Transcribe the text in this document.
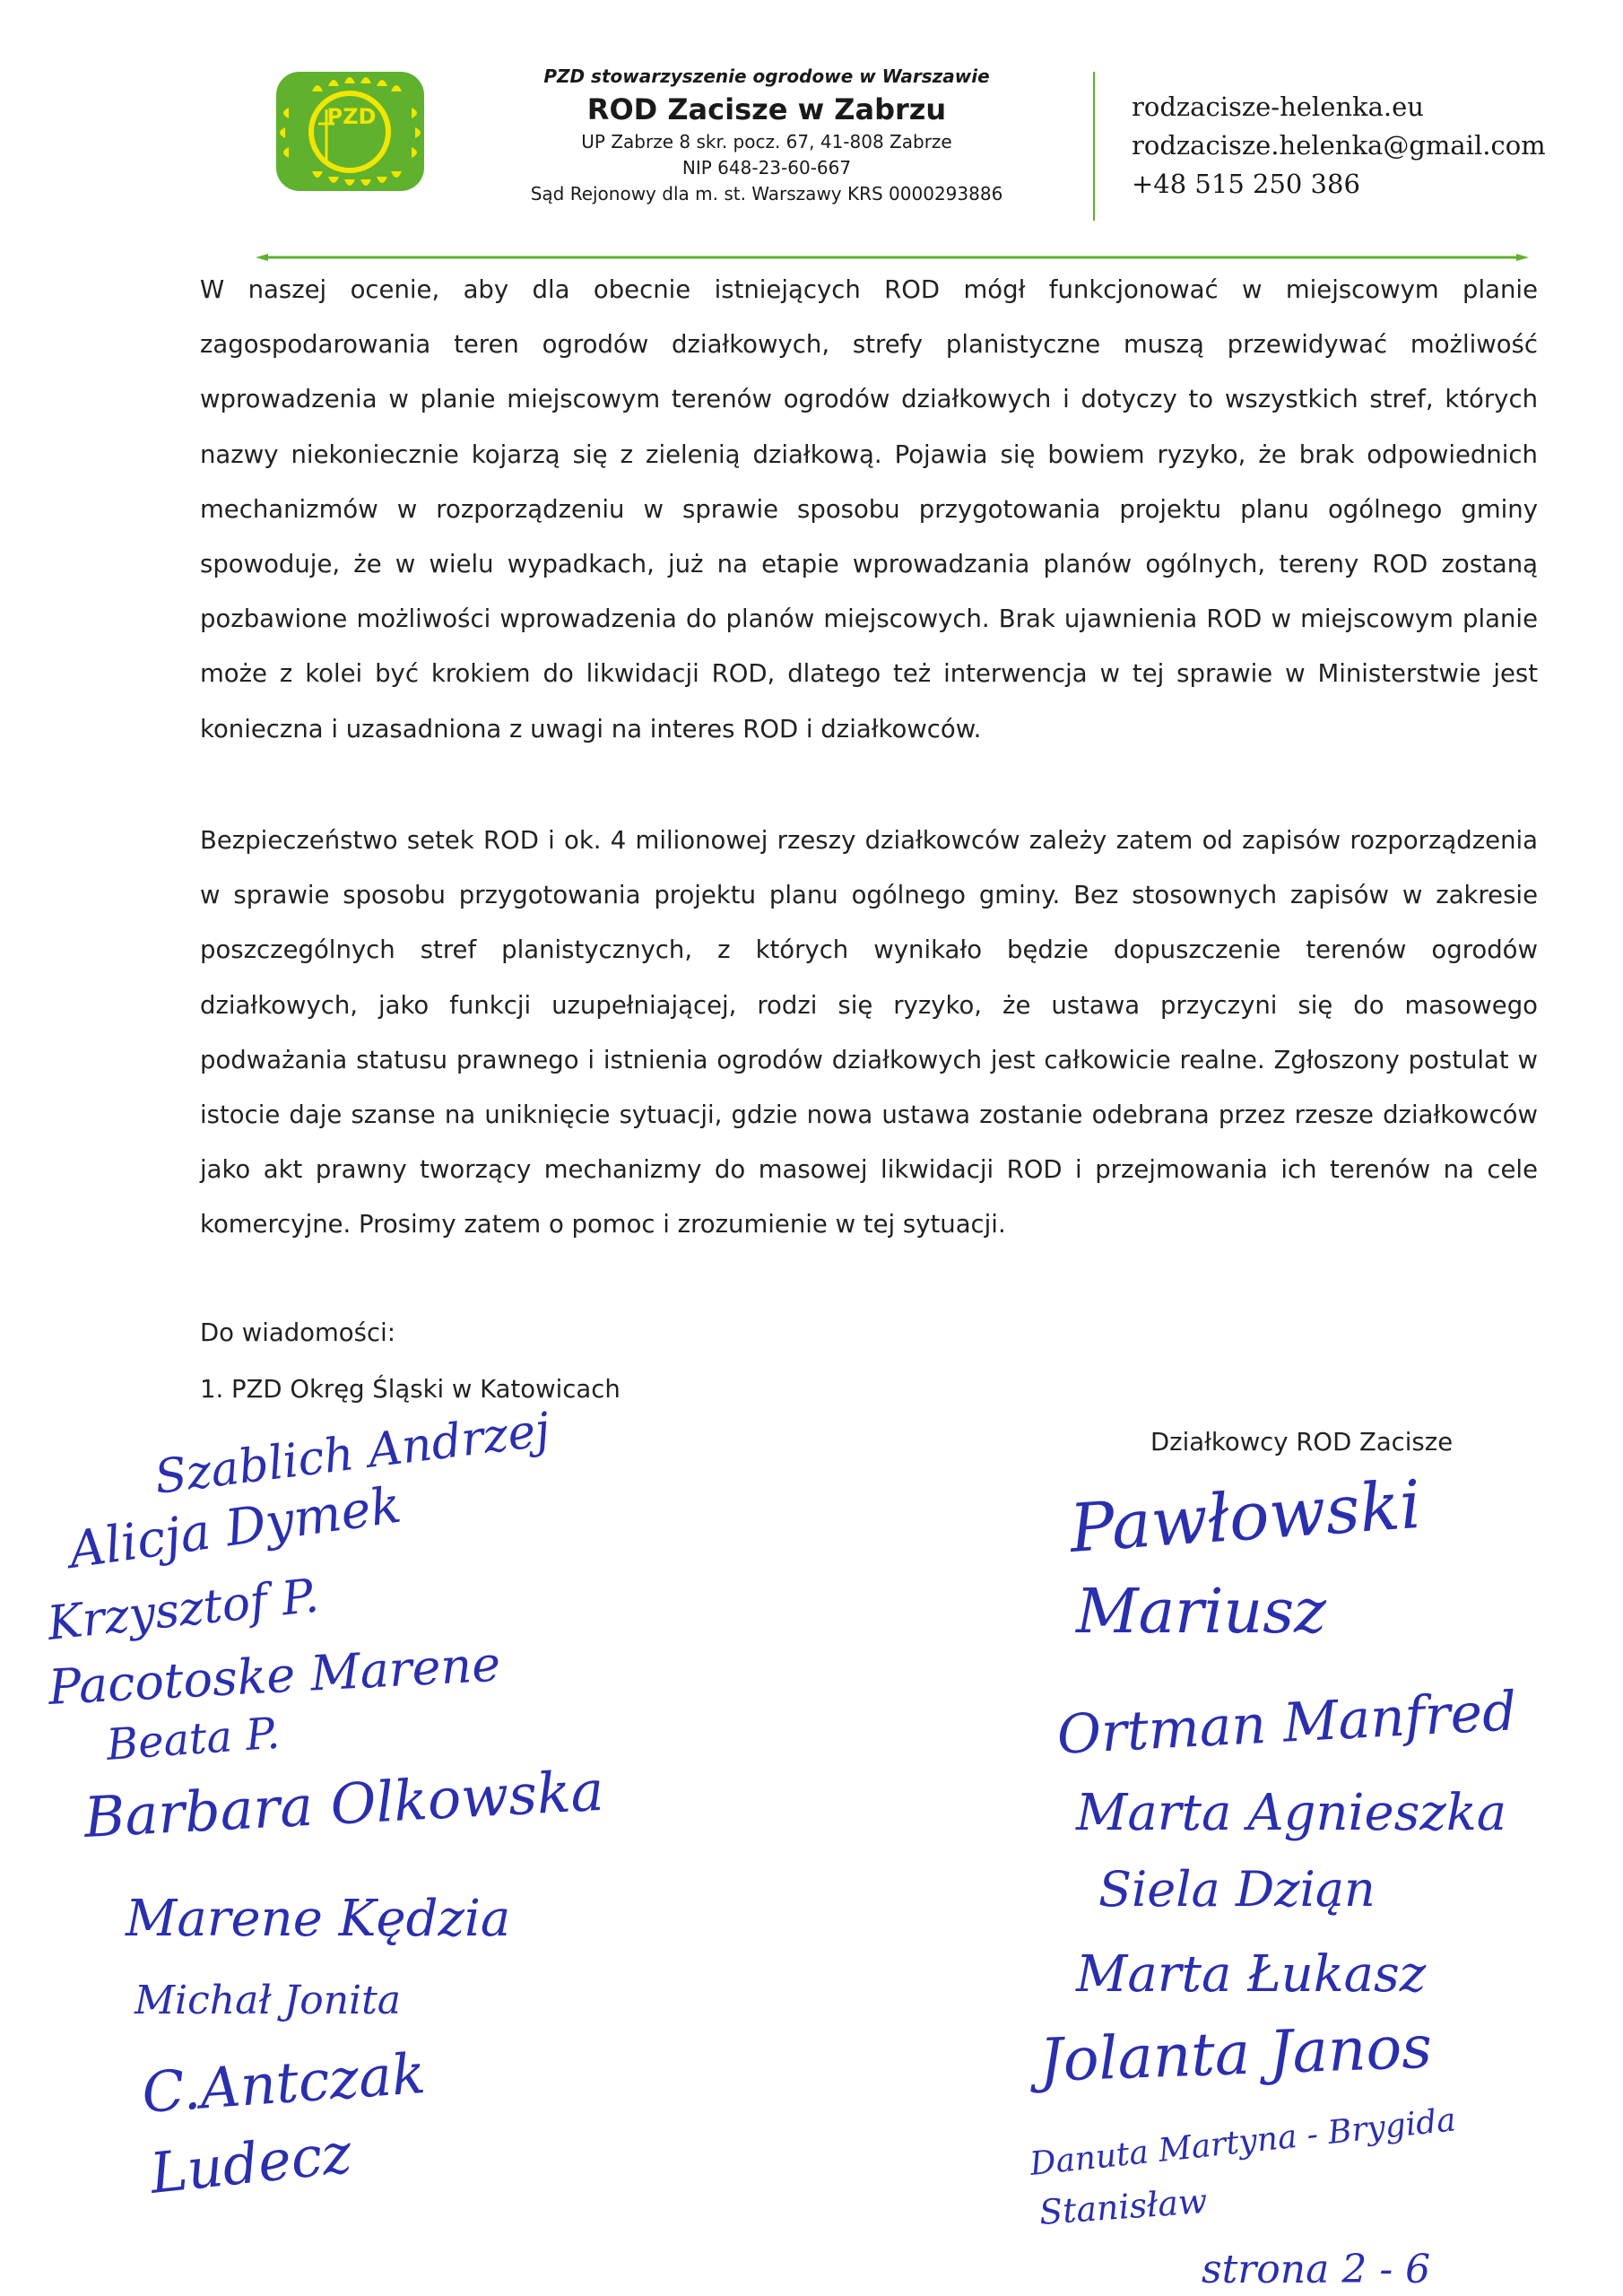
PZD
PZD stowarzyszenie ogrodowe w Warszawie
ROD Zacisze w Zabrzu
UP Zabrze 8 skr. pocz. 67, 41-808 Zabrze
NIP 648-23-60-667
Sąd Rejonowy dla m. st. Warszawy KRS 0000293886
rodzacisze-helenka.eu
rodzacisze.helenka@gmail.com
+48 515 250 386

W naszej ocenie, aby dla obecnie istniejących ROD mógł funkcjonować w miejscowym planie zagospodarowania teren ogrodów działkowych, strefy planistyczne muszą przewidywać możliwość wprowadzenia w planie miejscowym terenów ogrodów działkowych i dotyczy to wszystkich stref, których nazwy niekoniecznie kojarzą się z zielenią działkową. Pojawia się bowiem ryzyko, że brak odpowiednich mechanizmów w rozporządzeniu w sprawie sposobu przygotowania projektu planu ogólnego gminy spowoduje, że w wielu wypadkach, już na etapie wprowadzania planów ogólnych, tereny ROD zostaną pozbawione możliwości wprowadzenia do planów miejscowych. Brak ujawnienia ROD w miejscowym planie może z kolei być krokiem do likwidacji ROD, dlatego też interwencja w tej sprawie w Ministerstwie jest konieczna i uzasadniona z uwagi na interes ROD i działkowców.

Bezpieczeństwo setek ROD i ok. 4 milionowej rzeszy działkowców zależy zatem od zapisów rozporządzenia w sprawie sposobu przygotowania projektu planu ogólnego gminy. Bez stosownych zapisów w zakresie poszczególnych stref planistycznych, z których wynikało będzie dopuszczenie terenów ogrodów działkowych, jako funkcji uzupełniającej, rodzi się ryzyko, że ustawa przyczyni się do masowego podważania statusu prawnego i istnienia ogrodów działkowych jest całkowicie realne. Zgłoszony postulat w istocie daje szanse na uniknięcie sytuacji, gdzie nowa ustawa zostanie odebrana przez rzesze działkowców jako akt prawny tworzący mechanizmy do masowej likwidacji ROD i przejmowania ich terenów na cele komercyjne. Prosimy zatem o pomoc i zrozumienie w tej sytuacji.

Do wiadomości:
1. PZD Okręg Śląski w Katowicach
Działkowcy ROD Zacisze
Szablich Andrzej
Alicja Dymek
Krzysztof P.
Pacotoske Marene
Beata P.
Barbara Olkowska
Marene Kędzia
Michał Jonita
C.Antczak
Ludecz
Pawłowski
Mariusz
Ortman Manfred
Marta Agnieszka
Siela Dziąn
Marta Łukasz
Jolanta Janos
Danuta Martyna - Brygida
Stanisław
strona 2 - 6
